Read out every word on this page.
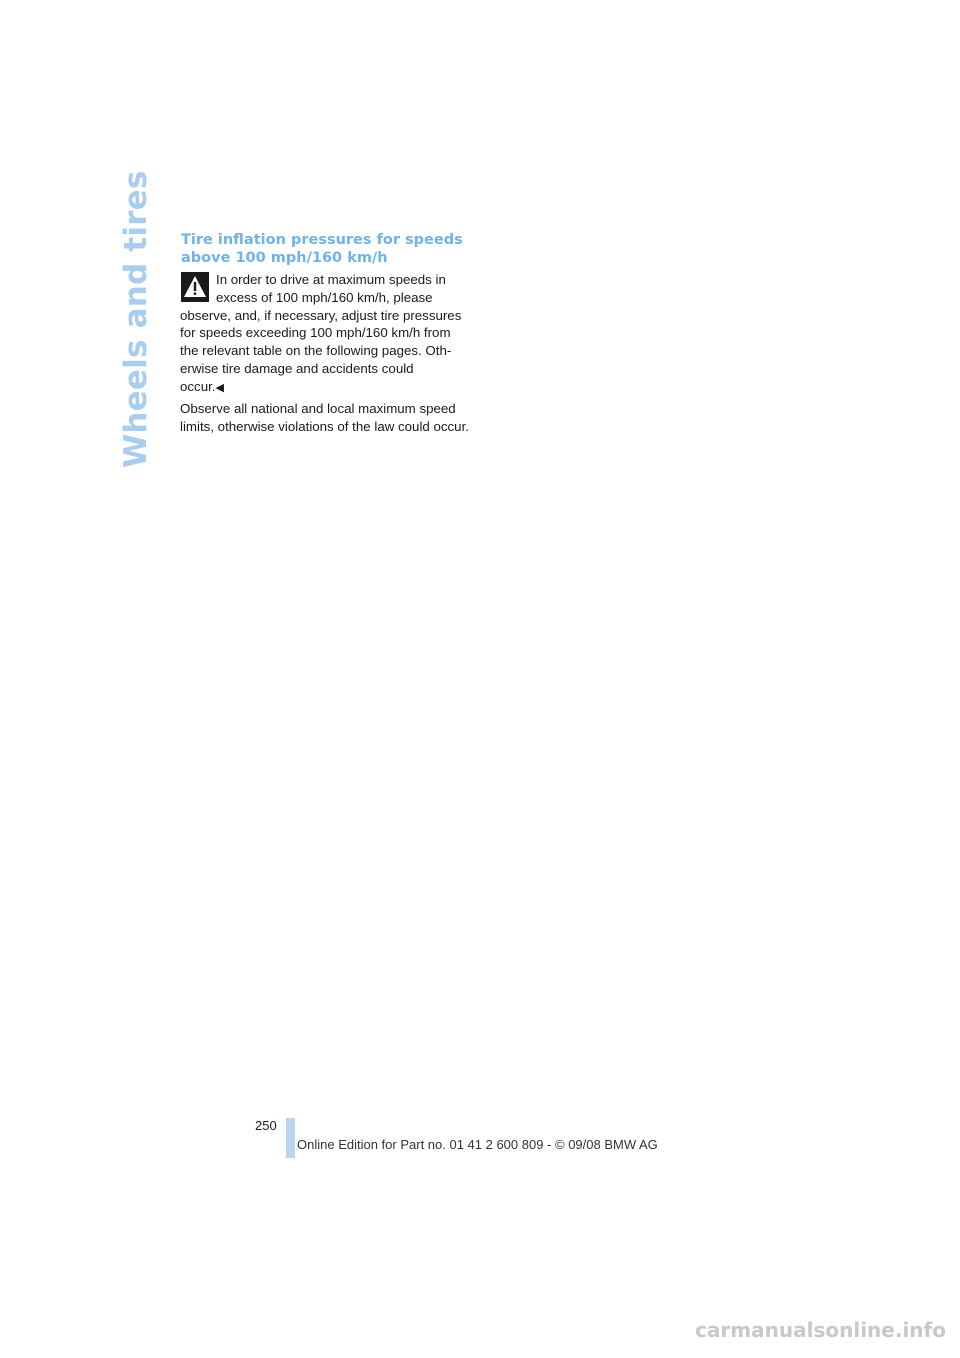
Wheels and tires Tire inflation pressures for speeds
above 100 mph/160 km/h
In order to drive at maximum speeds in
excess of 100 mph/160 km/h, please
observe, and, if necessary, adjust tire pressures
for speeds exceeding 100 mph/160 km/h from
the relevant table on the following pages. Oth-
erwise tire damage and accidents could
occur.◀

Observe all national and local maximum speed limits, otherwise violations of the law could occur.

250
Online Edition for Part no. 01 41 2 600 809 - © 09/08 BMW AG
carmanualsonline.info
